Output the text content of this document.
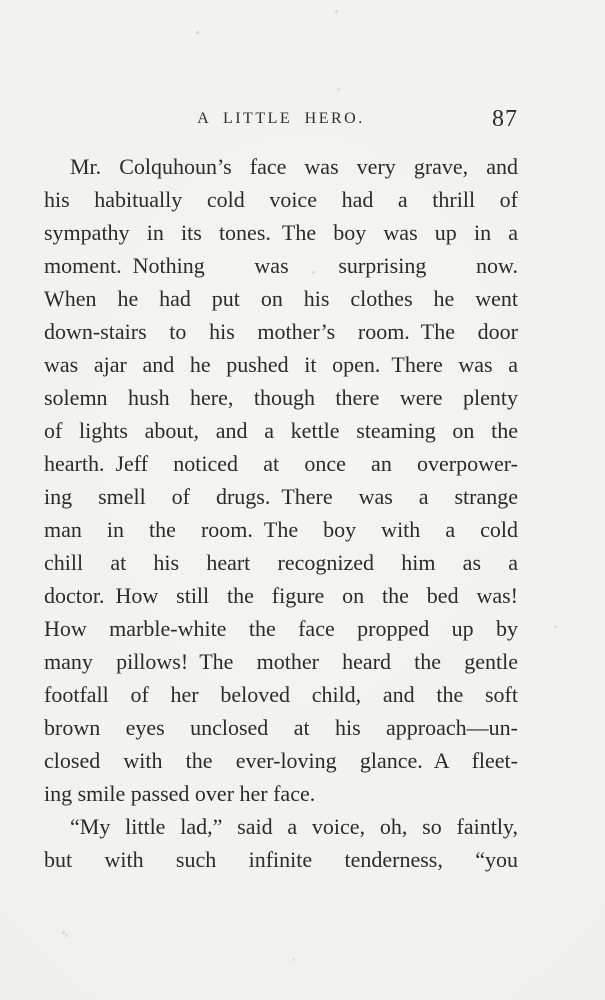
A LITTLE HERO.	87
Mr. Colquhoun’s face was very grave, and
his habitually cold voice had a thrill of
sympathy in its tones. The boy was up in a
moment. Nothing was surprising now.
When he had put on his clothes he went
down-stairs to his mother’s room. The door
was ajar and he pushed it open. There was a
solemn hush here, though there were plenty
of lights about, and a kettle steaming on the
hearth. Jeff noticed at once an overpower-
ing smell of drugs. There was a strange
man in the room. The boy with a cold
chill at his heart recognized him as a
doctor. How still the figure on the bed was!
How marble-white the face propped up by
many pillows! The mother heard the gentle
footfall of her beloved child, and the soft
brown eyes unclosed at his approach—un-
closed with the ever-loving glance. A fleet-
ing smile passed over her face.
“My little lad,” said a voice, oh, so faintly,
but with such infinite tenderness, “you
